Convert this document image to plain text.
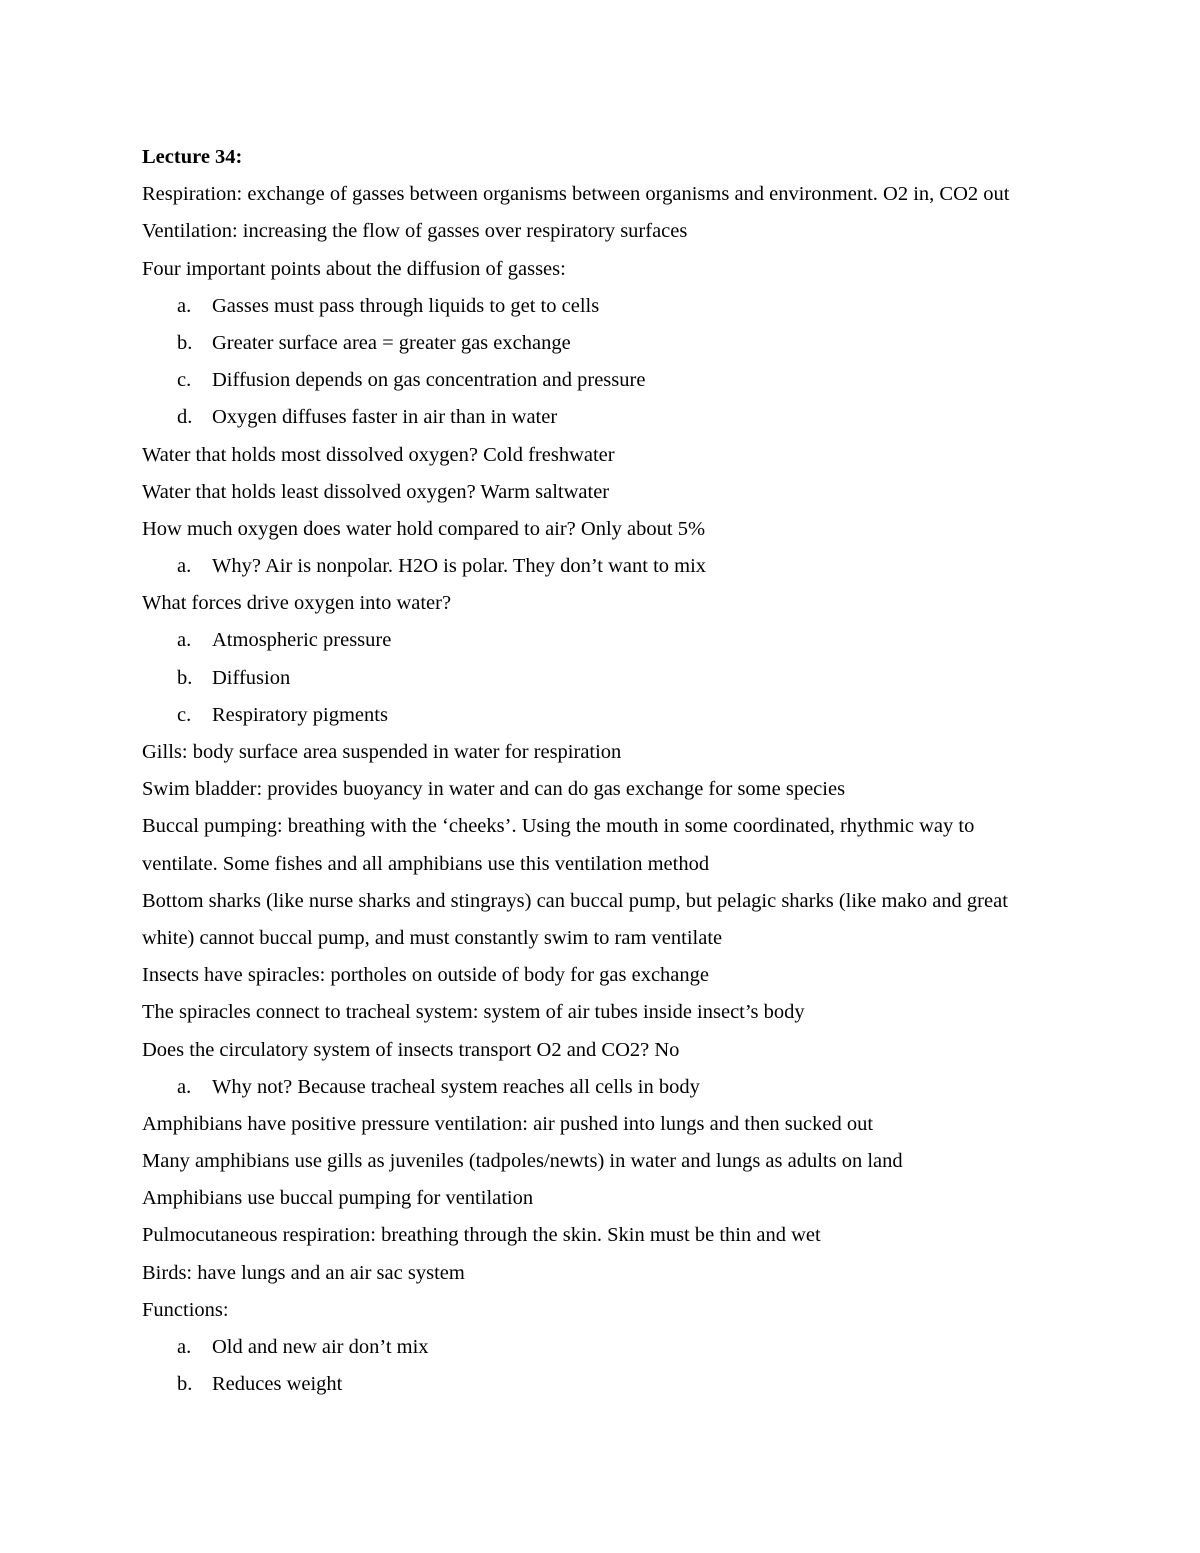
Lecture 34:
Respiration: exchange of gasses between organisms between organisms and environment. O2 in, CO2 out
Ventilation: increasing the flow of gasses over respiratory surfaces
Four important points about the diffusion of gasses:
a. Gasses must pass through liquids to get to cells
b. Greater surface area = greater gas exchange
c. Diffusion depends on gas concentration and pressure
d. Oxygen diffuses faster in air than in water
Water that holds most dissolved oxygen? Cold freshwater
Water that holds least dissolved oxygen? Warm saltwater
How much oxygen does water hold compared to air? Only about 5%
a. Why? Air is nonpolar. H2O is polar. They don’t want to mix
What forces drive oxygen into water?
a. Atmospheric pressure
b. Diffusion
c. Respiratory pigments
Gills: body surface area suspended in water for respiration
Swim bladder: provides buoyancy in water and can do gas exchange for some species
Buccal pumping: breathing with the ‘cheeks’. Using the mouth in some coordinated, rhythmic way to
ventilate. Some fishes and all amphibians use this ventilation method
Bottom sharks (like nurse sharks and stingrays) can buccal pump, but pelagic sharks (like mako and great
white) cannot buccal pump, and must constantly swim to ram ventilate
Insects have spiracles: portholes on outside of body for gas exchange
The spiracles connect to tracheal system: system of air tubes inside insect’s body
Does the circulatory system of insects transport O2 and CO2? No
a. Why not? Because tracheal system reaches all cells in body
Amphibians have positive pressure ventilation: air pushed into lungs and then sucked out
Many amphibians use gills as juveniles (tadpoles/newts) in water and lungs as adults on land
Amphibians use buccal pumping for ventilation
Pulmocutaneous respiration: breathing through the skin. Skin must be thin and wet
Birds: have lungs and an air sac system
Functions:
a. Old and new air don’t mix
b. Reduces weight
